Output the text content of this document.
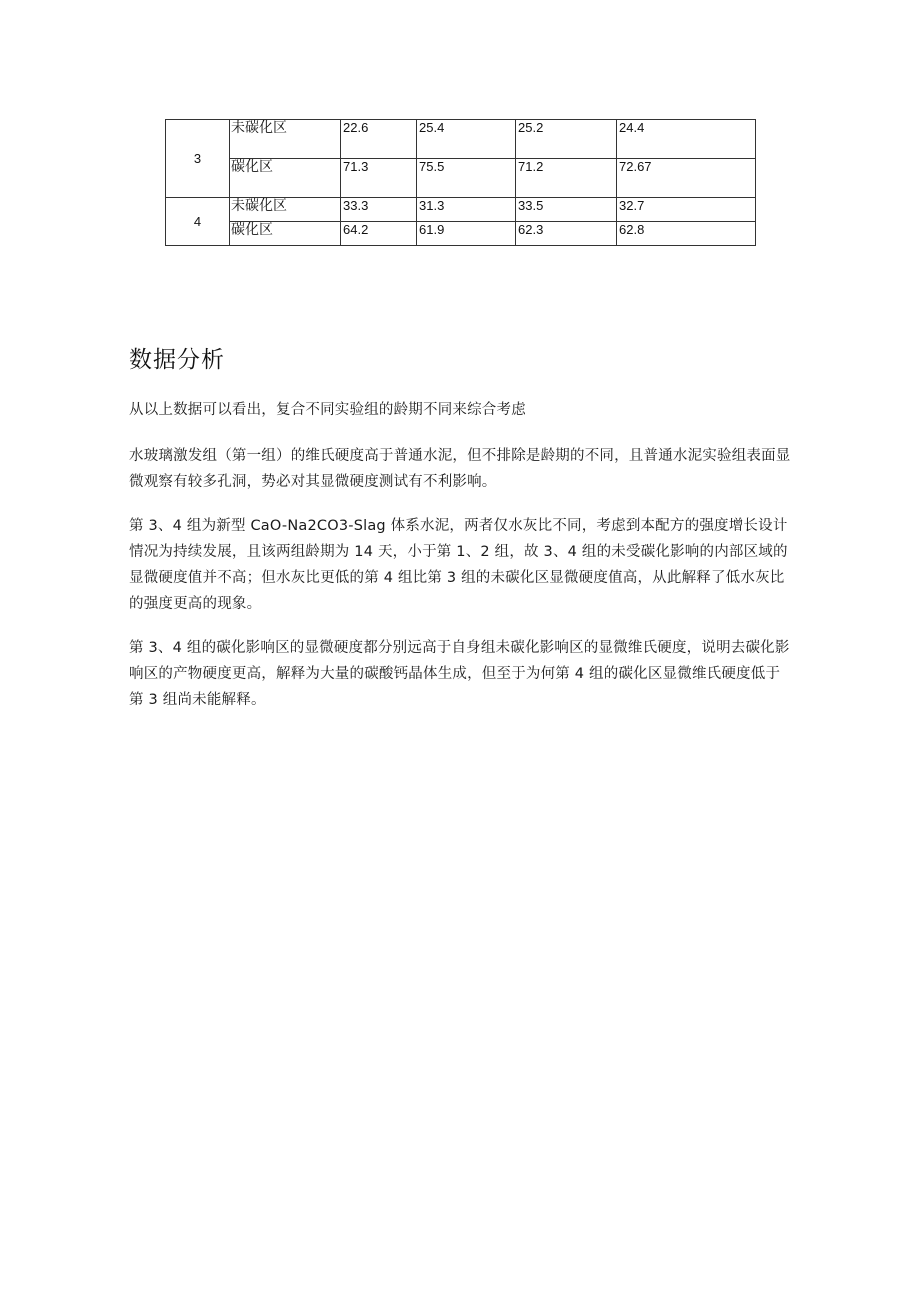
3	未碳化区	22.6	25.4	25.2	24.4
	碳化区	71.3	75.5	71.2	72.67
4	未碳化区	33.3	31.3	33.5	32.7
	碳化区	64.2	61.9	62.3	62.8
数据分析

从以上数据可以看出，复合不同实验组的龄期不同来综合考虑

水玻璃激发组（第一组）的维氏硬度高于普通水泥，但不排除是龄期的不同，且普通水泥实验组表面显微观察有较多孔洞，势必对其显微硬度测试有不利影响。

第 3、4 组为新型 CaO-Na2CO3-Slag 体系水泥，两者仅水灰比不同，考虑到本配方的强度增长设计情况为持续发展，且该两组龄期为 14 天，小于第 1、2 组，故 3、4 组的未受碳化影响的内部区域的显微硬度值并不高；但水灰比更低的第 4 组比第 3 组的未碳化区显微硬度值高，从此解释了低水灰比的强度更高的现象。

第 3、4 组的碳化影响区的显微硬度都分别远高于自身组未碳化影响区的显微维氏硬度，说明去碳化影响区的产物硬度更高，解释为大量的碳酸钙晶体生成，但至于为何第 4 组的碳化区显微维氏硬度低于第 3 组尚未能解释。
